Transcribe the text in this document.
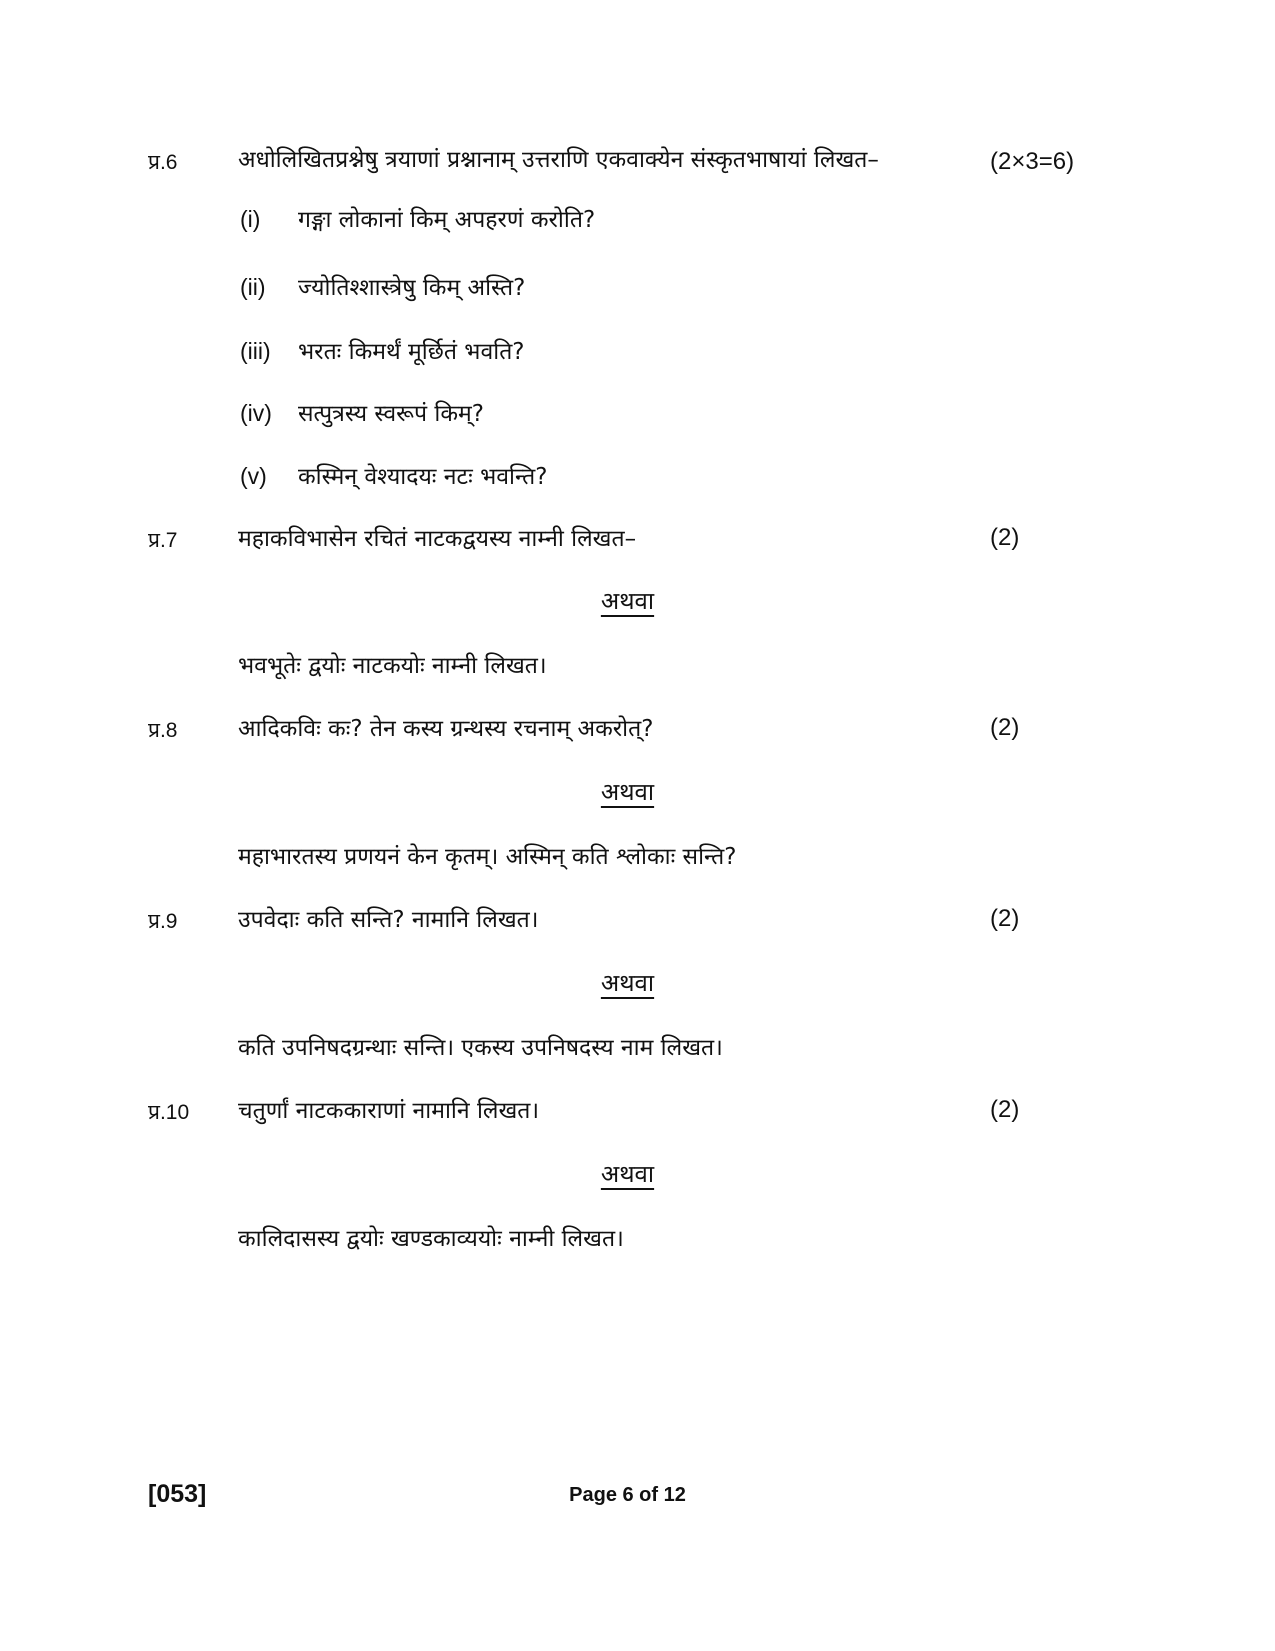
प्र.6	अधोलिखितप्रश्नेषु त्रयाणां प्रश्नानाम् उत्तराणि एकवाक्येन संस्कृतभाषायां लिखत–	(2×3=6)
(i) गङ्गा लोकानां किम् अपहरणं करोति?
(ii) ज्योतिश्शास्त्रेषु किम् अस्ति?
(iii) भरतः किमर्थं मूर्छितं भवति?
(iv) सत्पुत्रस्य स्वरूपं किम्?
(v) कस्मिन् वेश्यादयः नटः भवन्ति?
प्र.7	महाकविभासेन रचितं नाटकद्वयस्य नाम्नी लिखत–	(2)
अथवा
भवभूतेः द्वयोः नाटकयोः नाम्नी लिखत।
प्र.8	आदिकविः कः? तेन कस्य ग्रन्थस्य रचनाम् अकरोत्?	(2)
अथवा
महाभारतस्य प्रणयनं केन कृतम्। अस्मिन् कति श्लोकाः सन्ति?
प्र.9	उपवेदाः कति सन्ति? नामानि लिखत।	(2)
अथवा
कति उपनिषदग्रन्थाः सन्ति। एकस्य उपनिषदस्य नाम लिखत।
प्र.10 चतुर्णां नाटककाराणां नामानि लिखत।	(2)
अथवा
कालिदासस्य द्वयोः खण्डकाव्ययोः नाम्नी लिखत।
[053]	Page 6 of 12
